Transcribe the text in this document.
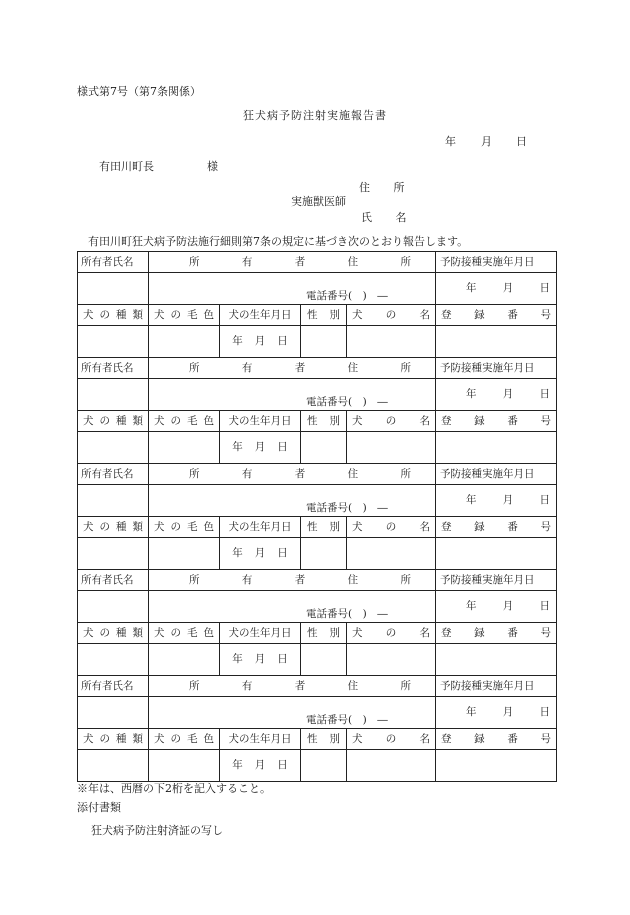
様式第7号（第7条関係）
狂犬病予防注射実施報告書
年 月 日
有田川町長	様
住 所
実施獣医師
氏 名
有田川町狂犬病予防法施行細則第7条の規定に基づき次のとおり報告します。
所有者氏名	所 有 者 住 所				予防接種実施年月日

	電話番号(　)　―				年 月 日

犬 の 種 類	犬 の 毛 色	犬の生年月日	性 別	犬 の 名	登 録 番 号

		年 月 日			

所有者氏名	所 有 者 住 所				予防接種実施年月日

	電話番号(　)　―				年 月 日

犬 の 種 類	犬 の 毛 色	犬の生年月日	性 別	犬 の 名	登 録 番 号

		年 月 日			

所有者氏名	所 有 者 住 所				予防接種実施年月日

	電話番号(　)　―				年 月 日

犬 の 種 類	犬 の 毛 色	犬の生年月日	性 別	犬 の 名	登 録 番 号

		年 月 日			

所有者氏名	所 有 者 住 所				予防接種実施年月日

	電話番号(　)　―				年 月 日

犬 の 種 類	犬 の 毛 色	犬の生年月日	性 別	犬 の 名	登 録 番 号

		年 月 日			

所有者氏名	所 有 者 住 所				予防接種実施年月日

	電話番号(　)　―				年 月 日

犬 の 種 類	犬 の 毛 色	犬の生年月日	性 別	犬 の 名	登 録 番 号

		年 月 日			

※年は、西暦の下2桁を記入すること。
添付書類
狂犬病予防注射済証の写し
